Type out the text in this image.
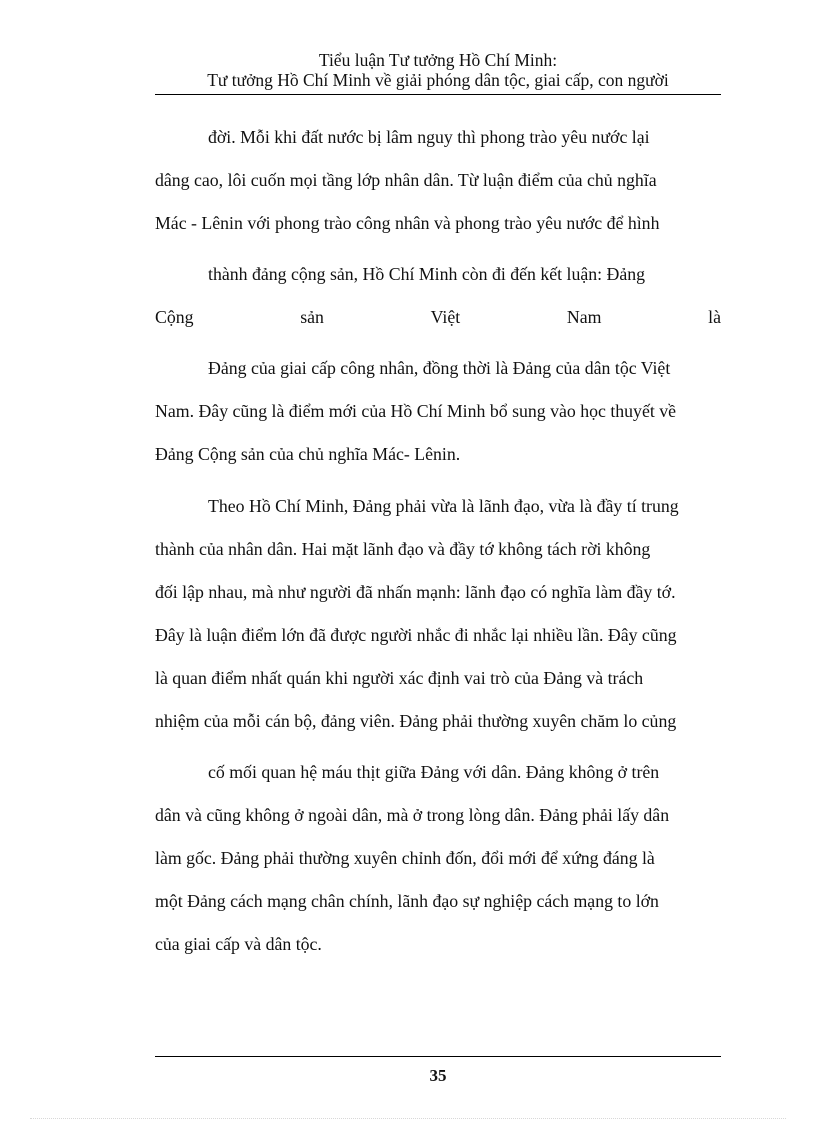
Tiểu luận Tư tưởng Hồ Chí Minh:
Tư tưởng Hồ Chí Minh về giải phóng dân tộc, giai cấp, con người

đời. Mỗi khi đất nước bị lâm nguy thì phong trào yêu nước lại
dâng cao, lôi cuốn mọi tầng lớp nhân dân. Từ luận điểm của chủ nghĩa
Mác - Lênin với phong trào công nhân và phong trào yêu nước để hình

thành đảng cộng sản, Hồ Chí Minh còn đi đến kết luận: Đảng

Cộng	sản	Việt	Nam	là

Đảng của giai cấp công nhân, đồng thời là Đảng của dân tộc Việt
Nam. Đây cũng là điểm mới của Hồ Chí Minh bổ sung vào học thuyết về
Đảng Cộng sản của chủ nghĩa Mác- Lênin.

Theo Hồ Chí Minh, Đảng phải vừa là lãnh đạo, vừa là đầy tí trung
thành của nhân dân. Hai mặt lãnh đạo và đầy tớ không tách rời không
đối lập nhau, mà như người đã nhấn mạnh: lãnh đạo có nghĩa làm đầy tớ.
Đây là luận điểm lớn đã được người nhắc đi nhắc lại nhiều lần. Đây cũng
là quan điểm nhất quán khi người xác định vai trò của Đảng và trách
nhiệm của mỗi cán bộ, đảng viên. Đảng phải thường xuyên chăm lo củng

cố mối quan hệ máu thịt giữa Đảng với dân. Đảng không ở trên
dân và cũng không ở ngoài dân, mà ở trong lòng dân. Đảng phải lấy dân
làm gốc. Đảng phải thường xuyên chỉnh đốn, đổi mới để xứng đáng là
một Đảng cách mạng chân chính, lãnh đạo sự nghiệp cách mạng to lớn
của giai cấp và dân tộc.

35
